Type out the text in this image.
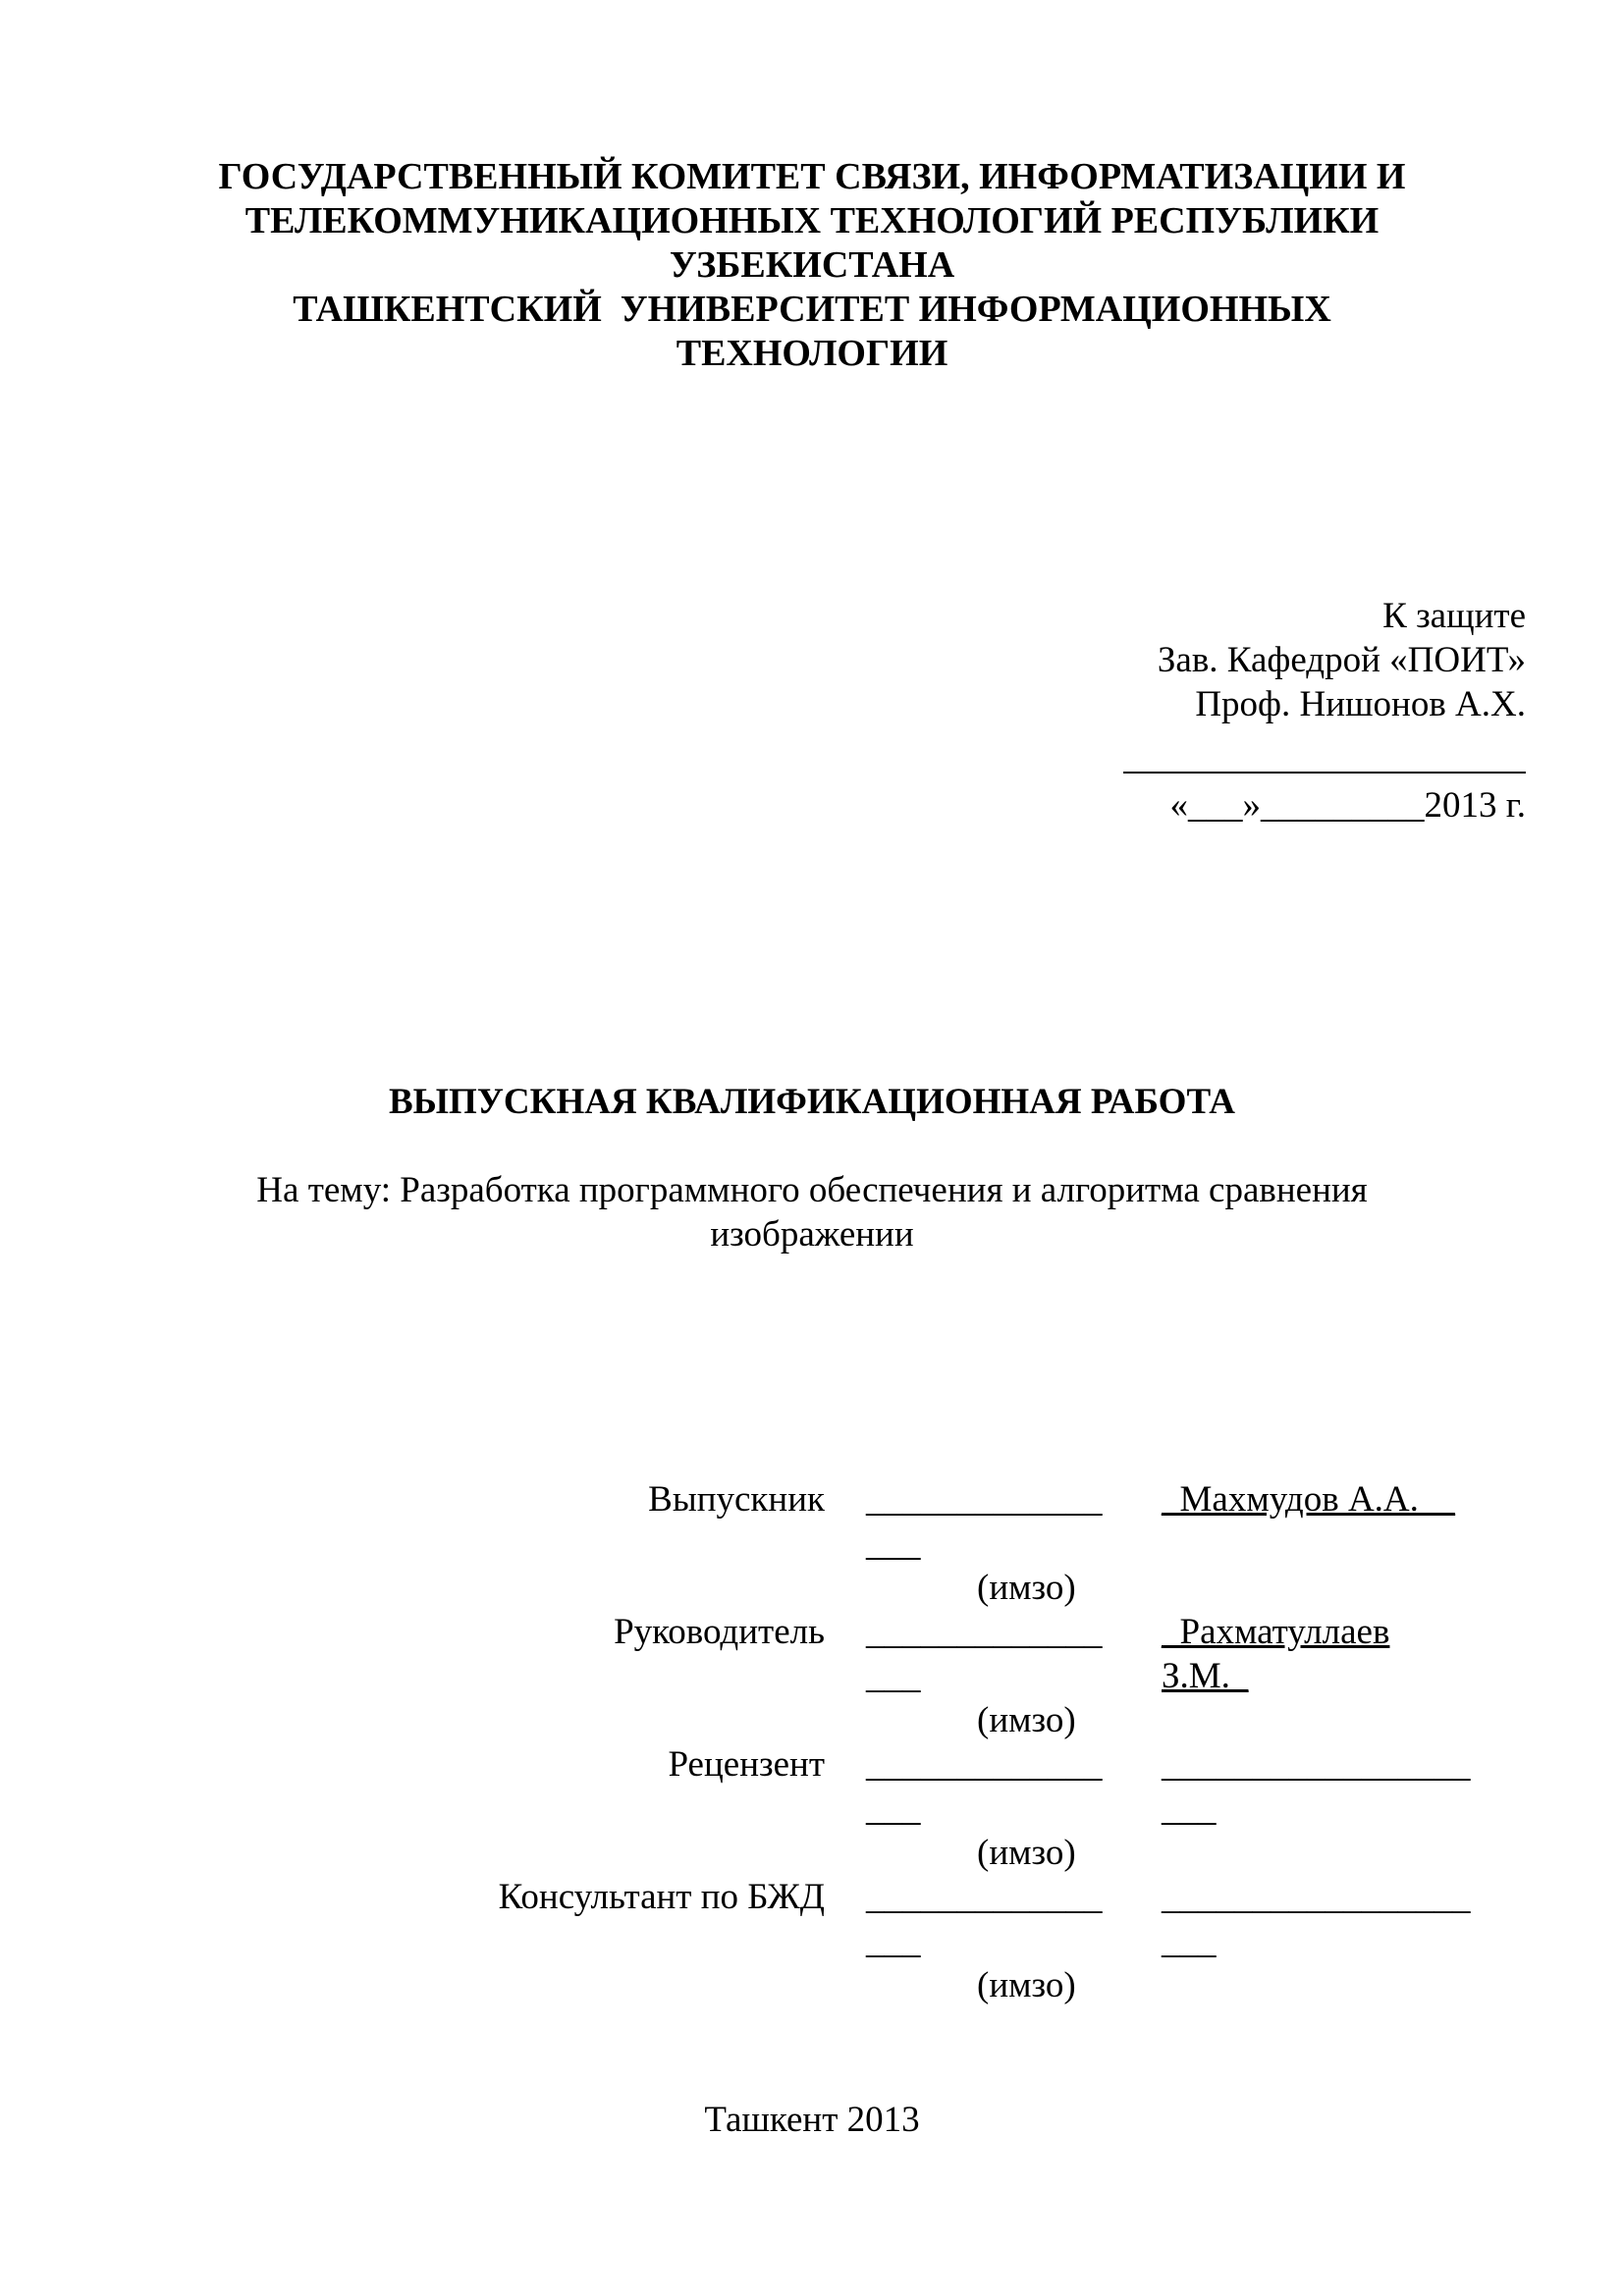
ГОСУДАРСТВЕННЫЙ КОМИТЕТ СВЯЗИ, ИНФОРМАТИЗАЦИИ И
ТЕЛЕКОММУНИКАЦИОННЫХ ТЕХНОЛОГИЙ РЕСПУБЛИКИ
УЗБЕКИСТАНА
ТАШКЕНТСКИЙ  УНИВЕРСИТЕТ ИНФОРМАЦИОННЫХ
ТЕХНОЛОГИИ
К защите
Зав. Кафедрой «ПОИТ»
Проф. Нишонов А.Х.
«___»_________2013 г.
ВЫПУСКНАЯ КВАЛИФИКАЦИОННАЯ РАБОТА
На тему: Разработка программного обеспечения и алгоритма сравнения
изображении
Выпускник _____________
___
(имзо)
_Махмудов А.А.__
Руководитель _____________
___
(имзо)
_Рахматуллаев
З.М._
Рецензент _____________
___
(имзо)
_________________
___
Консультант по БЖД _____________
___
(имзо)
_________________
___
Ташкент 2013
